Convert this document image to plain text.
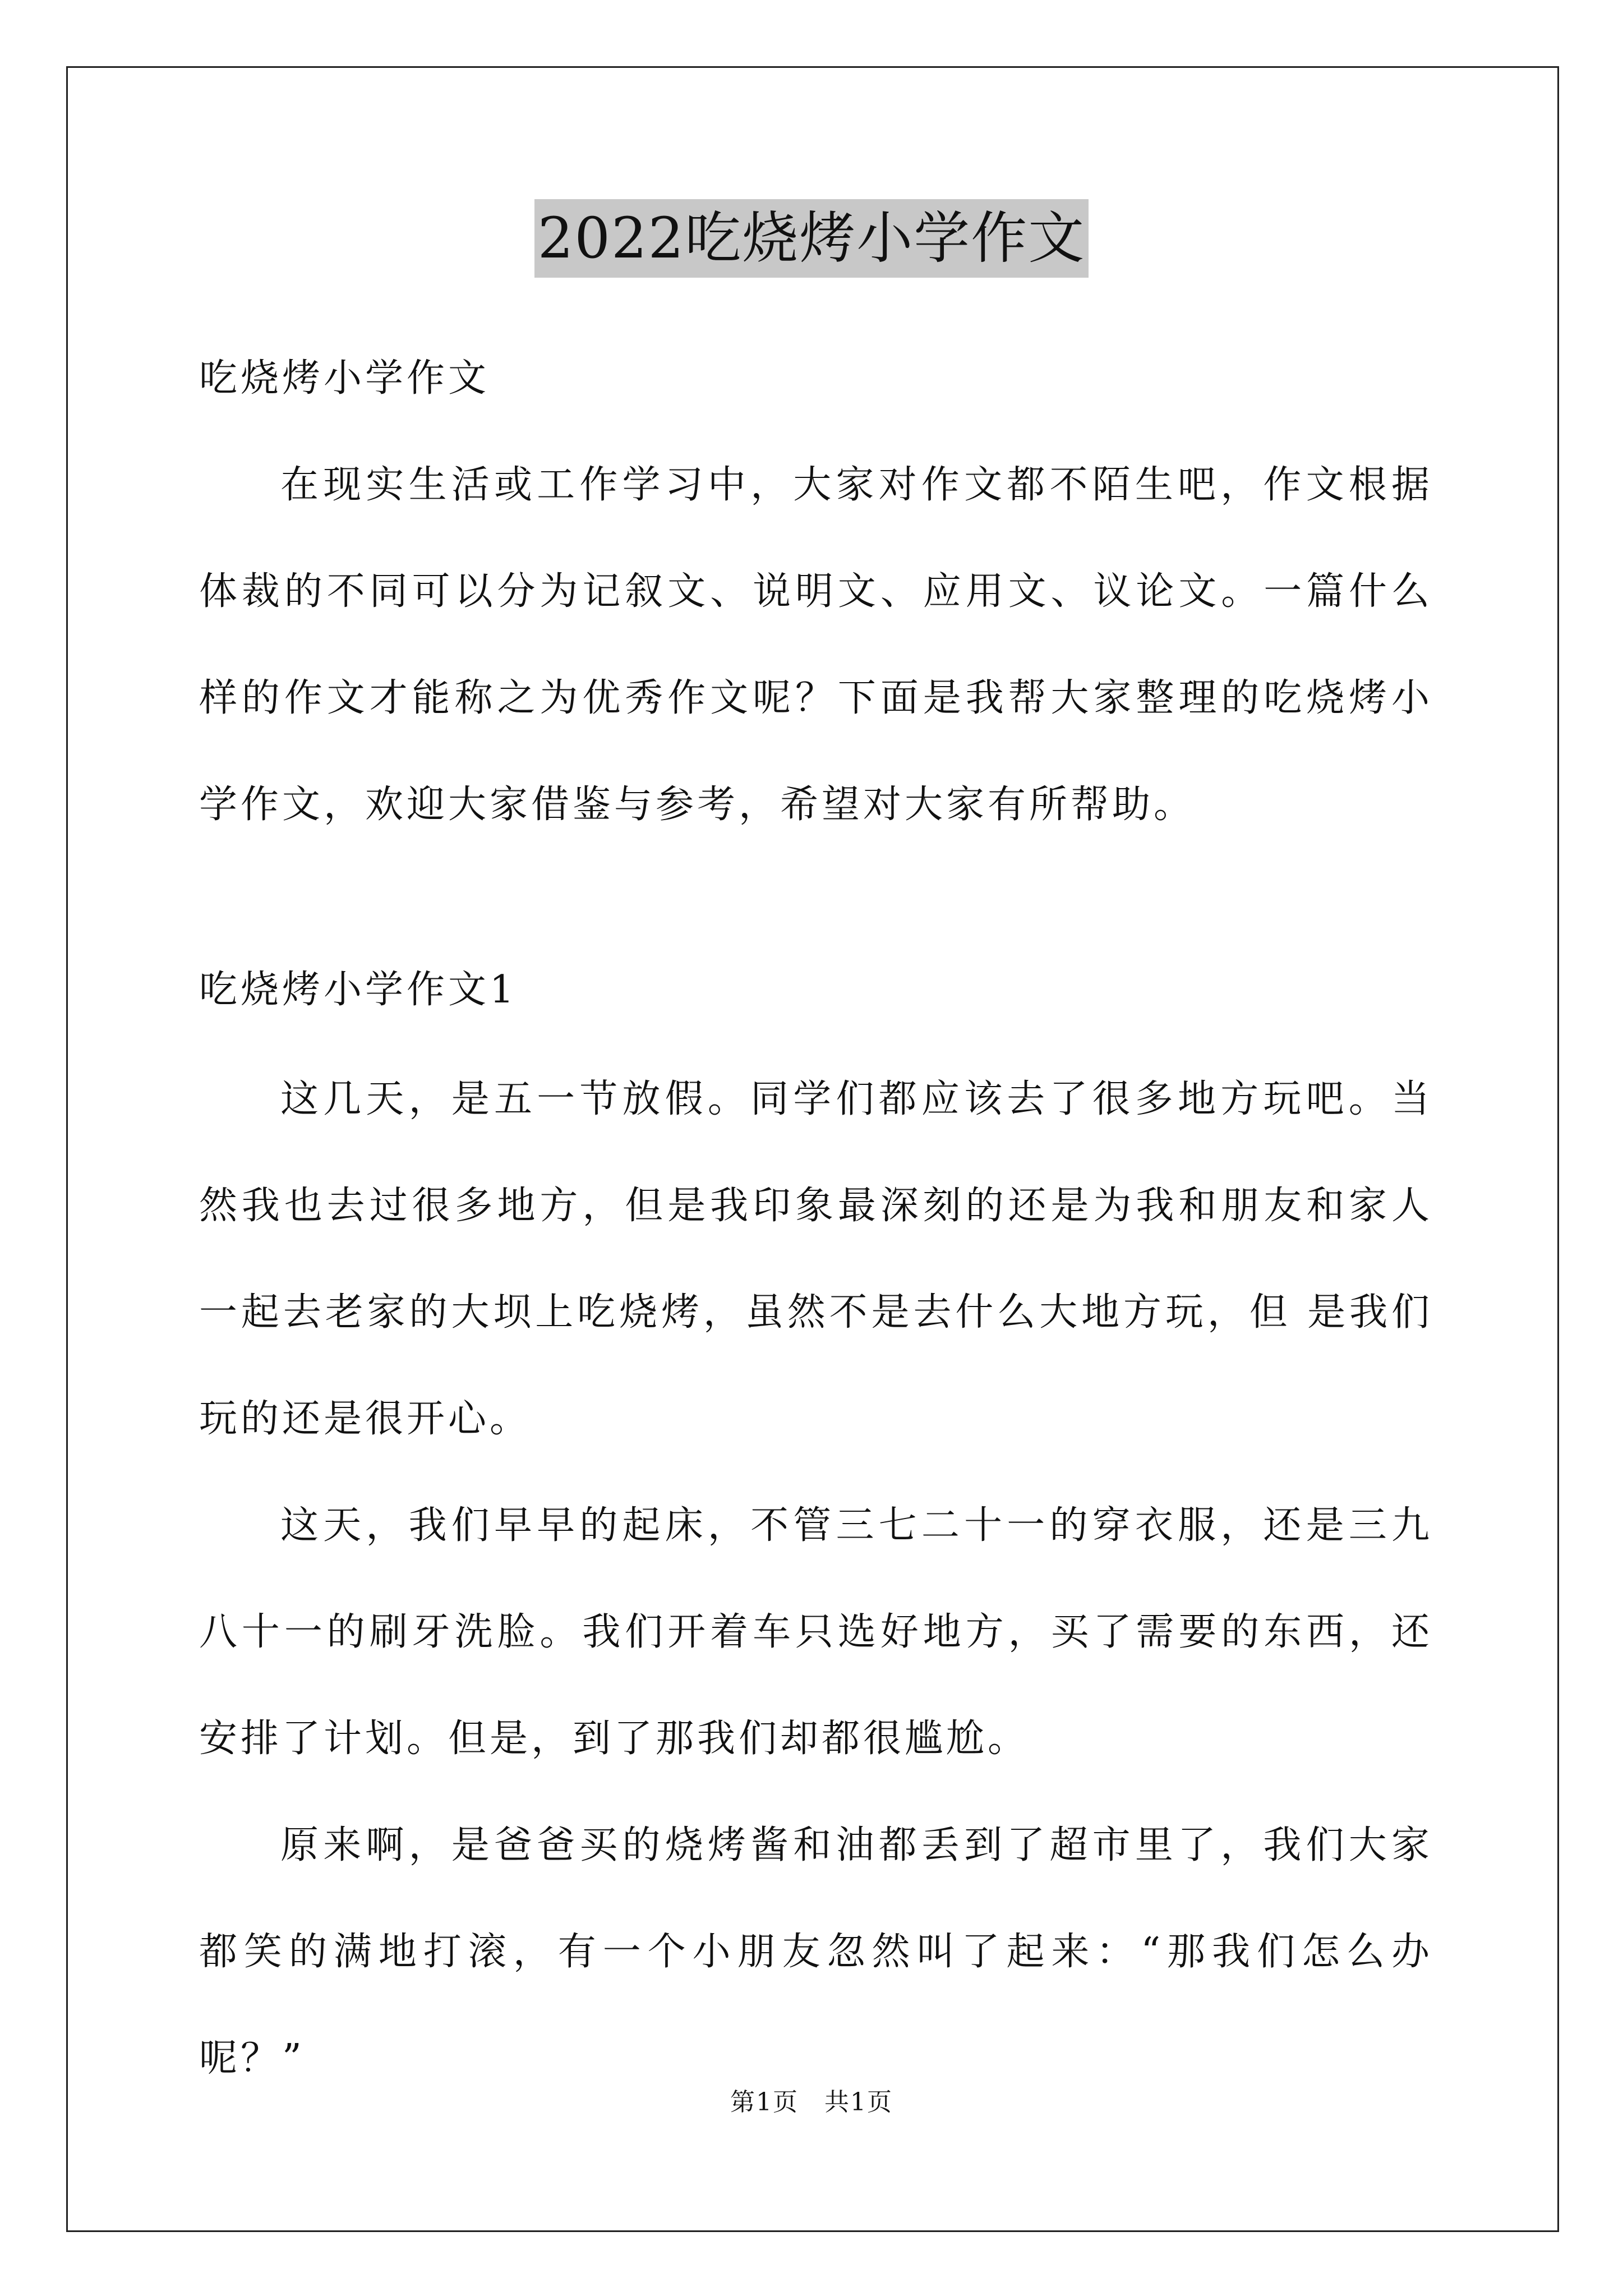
2022吃烧烤小学作文

吃烧烤小学作文

在现实生活或工作学习中，大家对作文都不陌生吧，作文根据体裁的不同可以分为记叙文、说明文、应用文、议论文。一篇什么样的作文才能称之为优秀作文呢？下面是我帮大家整理的吃烧烤小学作文，欢迎大家借鉴与参考，希望对大家有所帮助。

吃烧烤小学作文1

这几天，是五一节放假。同学们都应该去了很多地方玩吧。当然我也去过很多地方，但是我印象最深刻的还是为我和朋友和家人一起去老家的大坝上吃烧烤，虽然不是去什么大地方玩，但 是我们玩的还是很开心。

这天，我们早早的起床，不管三七二十一的穿衣服，还是三九八十一的刷牙洗脸。我们开着车只选好地方，买了需要的东西，还安排了计划。但是，到了那我们却都很尴尬。

原来啊，是爸爸买的烧烤酱和油都丢到了超市里了，我们大家都笑的满地打滚，有一个小朋友忽然叫了起来：“那我们怎么办呢？”

第1页　共1页
